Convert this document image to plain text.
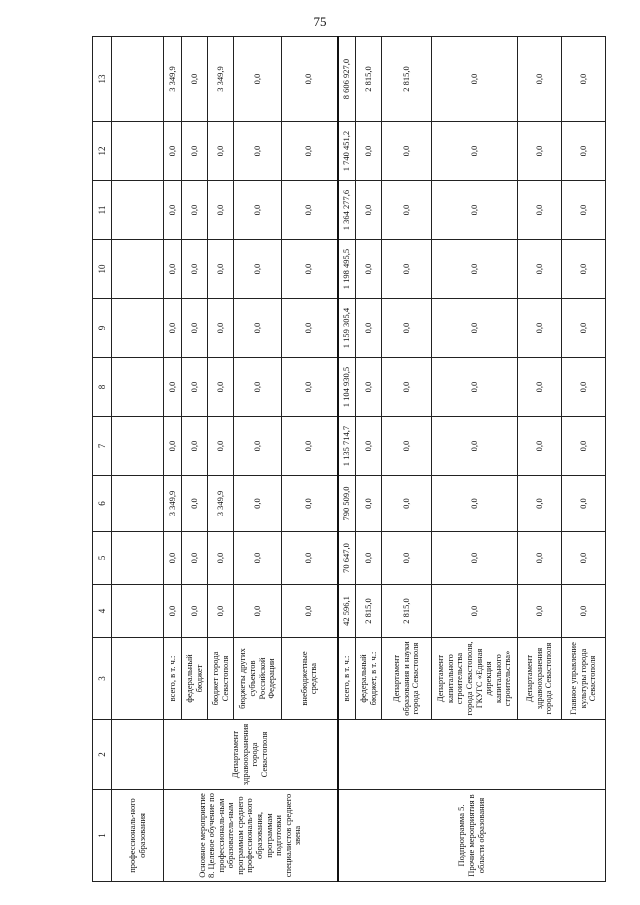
75
1	2	3	4	5	6	7	8	9	10	11	12	13
профессиональ-ного образования												
Основное мероприятие 8. Целевое обучение по профессиональ-ным образователь-ным программам среднего профессиональ-ного образования, программам подготовки специалистов среднего звена	Департамент здравоохранения города Севастополя	всего, в т. ч.:	0,0	0,0	3 349,9	0,0	0,0	0,0	0,0	0,0	0,0	3 349,9
		федеральный бюджет	0,0	0,0	0,0	0,0	0,0	0,0	0,0	0,0	0,0	0,0
		бюджет города Севастополя	0,0	0,0	3 349,9	0,0	0,0	0,0	0,0	0,0	0,0	3 349,9
		бюджеты других субъектов Российской Федерации	0,0	0,0	0,0	0,0	0,0	0,0	0,0	0,0	0,0	0,0
		внебюджетные средства	0,0	0,0	0,0	0,0	0,0	0,0	0,0	0,0	0,0	0,0
Подпрограмма 5. Прочие мероприятия в области образования		всего, в т. ч.:	42 596,1	70 647,0	790 509,0	1 135 714,7	1 104 930,5	1 159 305,4	1 198 495,5	1 364 277,6	1 740 451,2	8 606 927,0
		федеральный бюджет, в т. ч.:	2 815,0	0,0	0,0	0,0	0,0	0,0	0,0	0,0	0,0	2 815,0
		Департамент образования и науки города Севастополя	2 815,0	0,0	0,0	0,0	0,0	0,0	0,0	0,0	0,0	2 815,0
		Департамент капитального строительства города Севастополя, ГКУГС «Единая дирекция капитального строительства»	0,0	0,0	0,0	0,0	0,0	0,0	0,0	0,0	0,0	0,0
		Департамент здравоохранения города Севастополя	0,0	0,0	0,0	0,0	0,0	0,0	0,0	0,0	0,0	0,0
		Главное управление культуры города Севастополя	0,0	0,0	0,0	0,0	0,0	0,0	0,0	0,0	0,0	0,0
